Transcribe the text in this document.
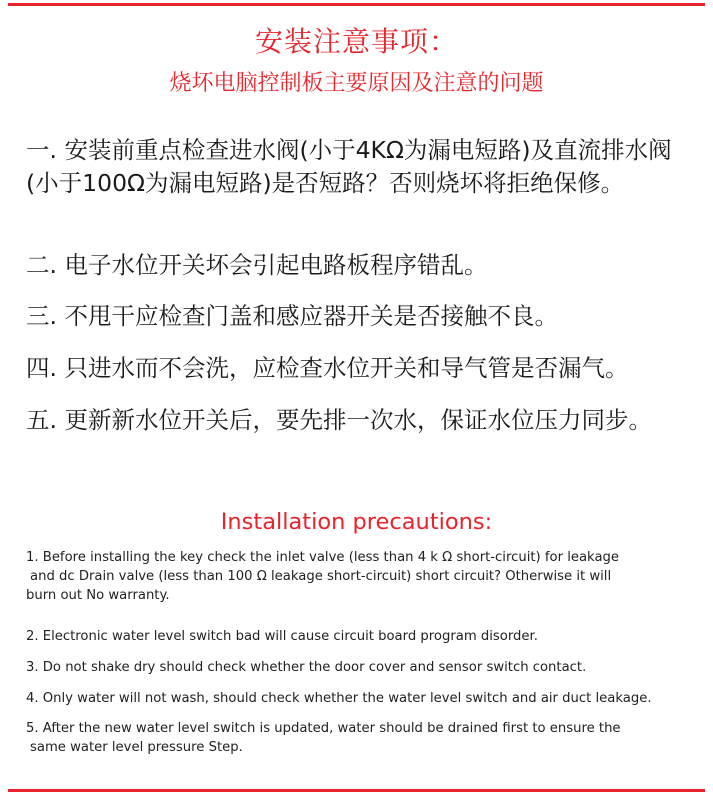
安装注意事项：
烧坏电脑控制板主要原因及注意的问题
一. 安装前重点检查进水阀(小于4KΩ为漏电短路)及直流排水阀 (小于100Ω为漏电短路)是否短路？否则烧坏将拒绝保修。
二. 电子水位开关坏会引起电路板程序错乱。
三. 不甩干应检查门盖和感应器开关是否接触不良。
四. 只进水而不会洗，应检查水位开关和导气管是否漏气。
五. 更新新水位开关后，要先排一次水，保证水位压力同步。
Installation precautions:
1. Before installing the key check the inlet valve (less than 4 k Ω short-circuit) for leakage
and dc Drain valve (less than 100 Ω leakage short-circuit) short circuit? Otherwise it will
burn out No warranty.
2. Electronic water level switch bad will cause circuit board program disorder.
3. Do not shake dry should check whether the door cover and sensor switch contact.
4. Only water will not wash, should check whether the water level switch and air duct leakage.
5. After the new water level switch is updated, water should be drained first to ensure the
same water level pressure Step.
